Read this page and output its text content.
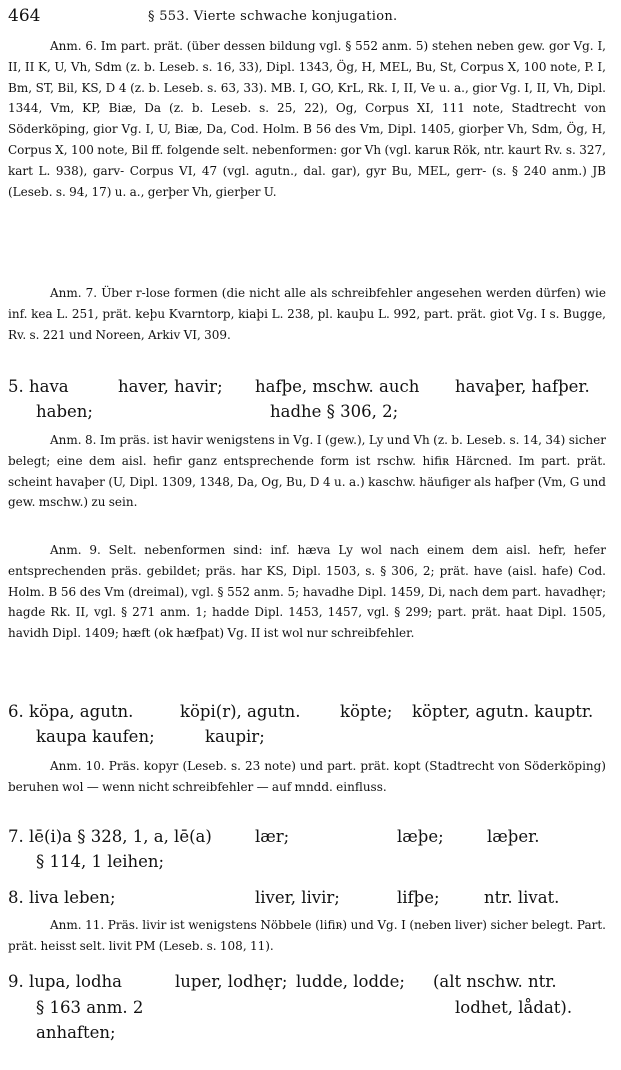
464	§ 553. Vierte schwache konjugation.

Anm. 6. Im part. prät. (über dessen bildung vgl. § 552 anm. 5) stehen neben gew. gor Vg. I, II, II K, U, Vh, Sdm (z. b. Leseb. s. 16, 33), Dipl. 1343, Ög, H, MEL, Bu, St, Corpus X, 100 note, P. I, Bm, ST, Bil, KS, D 4 (z. b. Leseb. s. 63, 33). MB. I, GO, KrL, Rk. I, II, Ve u. a., gior Vg. I, II, Vh, Dipl. 1344, Vm, KP, Biæ, Da (z. b. Leseb. s. 25, 22), Og, Corpus XI, 111 note, Stadtrecht von Söderköping, gior Vg. I, U, Biæ, Da, Cod. Holm. B 56 des Vm, Dipl. 1405, giorþer Vh, Sdm, Ög, H, Corpus X, 100 note, Bil ff. folgende selt. nebenformen: gor Vh (vgl. karuʀ Rök, ntr. kaurt Rv. s. 327, kart L. 938), garv- Corpus VI, 47 (vgl. agutn., dal. gar), gyr Bu, MEL, gerr- (s. § 240 anm.) JB (Leseb. s. 94, 17) u. a., gerþer Vh, gierþer U.

Anm. 7. Über r-lose formen (die nicht alle als schreibfehler angesehen werden dürfen) wie inf. kea L. 251, prät. keþu Kvarntorp, kiaþi L. 238, pl. kauþu L. 992, part. prät. giot Vg. I s. Bugge, Rv. s. 221 und Noreen, Arkiv VI, 309.

5. hava	haver, havir; hafþe, mschw. auch havaþer, hafþer.
haben;	hadhe § 306, 2;

Anm. 8. Im präs. ist havir wenigstens in Vg. I (gew.), Ly und Vh (z. b. Leseb. s. 14, 34) sicher belegt; eine dem aisl. hefir ganz entsprechende form ist rschw. hifiʀ Härcned. Im part. prät. scheint havaþer (U, Dipl. 1309, 1348, Da, Og, Bu, D 4 u. a.) kaschw. häufiger als hafþer (Vm, G und gew. mschw.) zu sein.

Anm. 9. Selt. nebenformen sind: inf. hæva Ly wol nach einem dem aisl. hefr, hefer entsprechenden präs. gebildet; präs. har KS, Dipl. 1503, s. § 306, 2; prät. have (aisl. hafe) Cod. Holm. B 56 des Vm (dreimal), vgl. § 552 anm. 5; havadhe Dipl. 1459, Di, nach dem part. havadhęr; hagde Rk. II, vgl. § 271 anm. 1; hadde Dipl. 1453, 1457, vgl. § 299; part. prät. haat Dipl. 1505, havidh Dipl. 1409; hæft (ok hæfþat) Vg. II ist wol nur schreibfehler.

6. köpa, agutn.	köpi(r), agutn. köpte; köpter, agutn. kauptr.
kaupa kaufen;	kaupir;

Anm. 10. Präs. kopyr (Leseb. s. 23 note) und part. prät. kopt (Stadtrecht von Söderköping) beruhen wol — wenn nicht schreibfehler — auf mndd. einfluss.

7. lē(i)a § 328, 1, a, lē(a)	lær;	læþe;	læþer.
§ 114, 1 leihen;
8. liva leben;	liver, livir;	lifþe;	ntr. livat.

Anm. 11. Präs. livir ist wenigstens Nöbbele (lifiʀ) und Vg. I (neben liver) sicher belegt. Part. prät. heisst selt. livit PM (Leseb. s. 108, 11).

9. lupa, lodha	luper, lodhęr; ludde, lodde; (alt nschw. ntr.
§ 163 anm. 2	lodhet, lådat).
anhaften;
